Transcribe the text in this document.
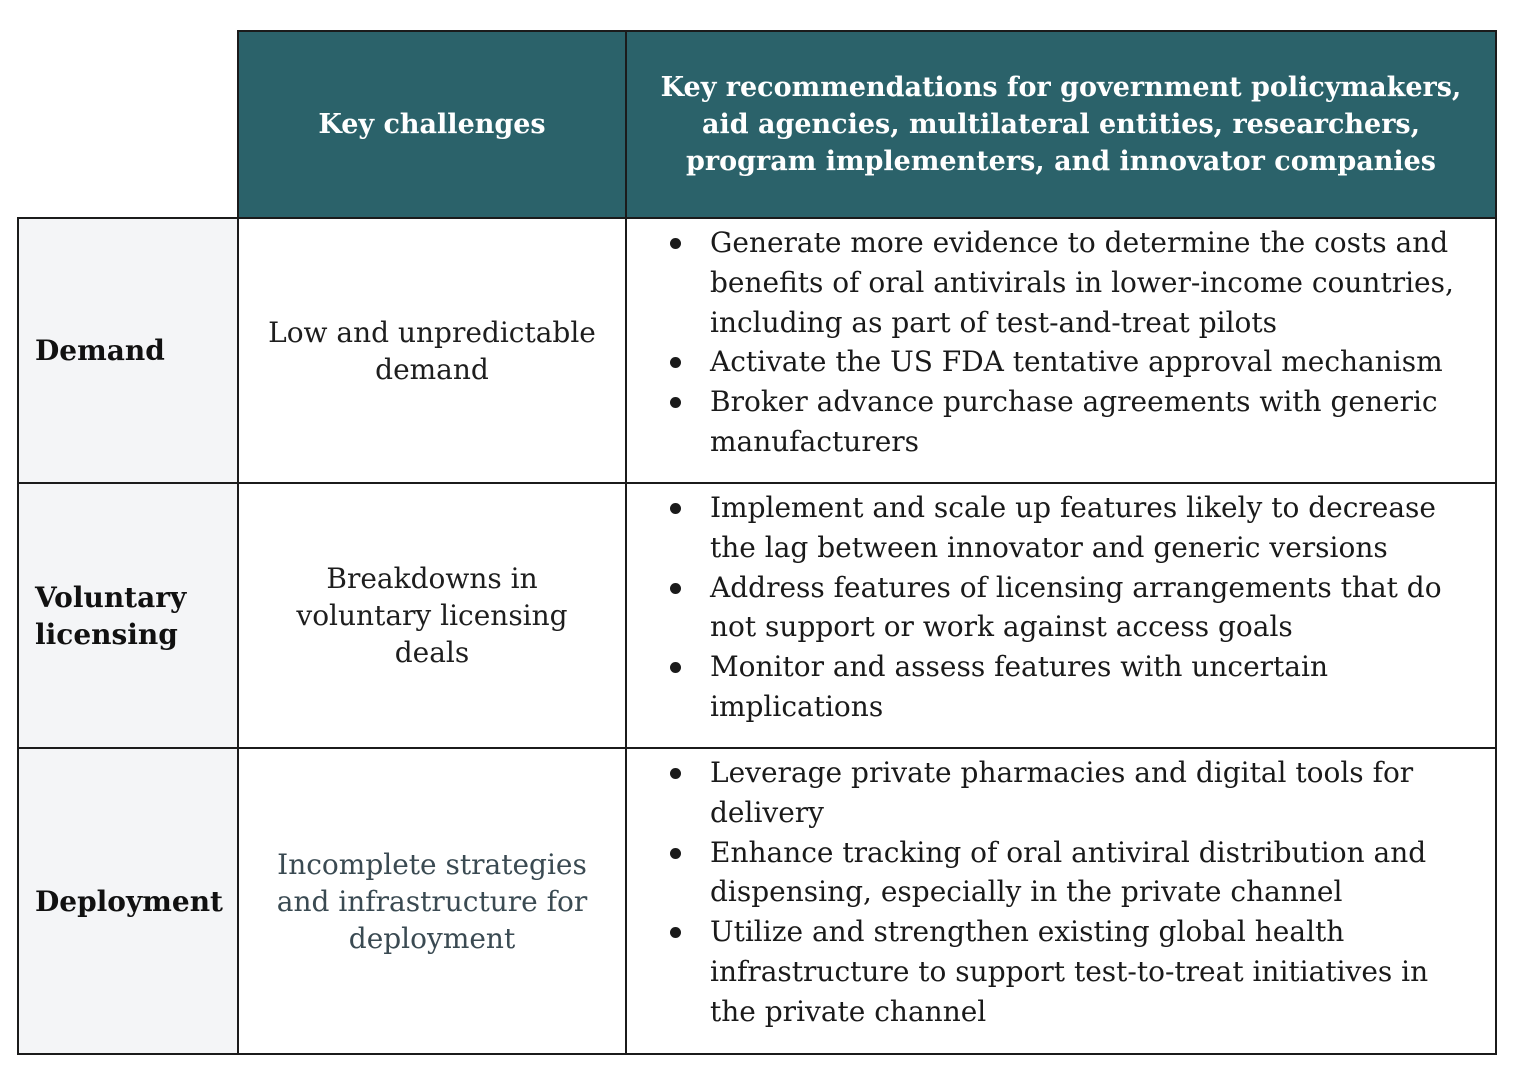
Key challenges
Key recommendations for government policymakers, aid agencies, multilateral entities, researchers, program implementers, and innovator companies
Demand
Low and unpredictable demand
Generate more evidence to determine the costs and benefits of oral antivirals in lower-income countries, including as part of test-and-treat pilots
Activate the US FDA tentative approval mechanism
Broker advance purchase agreements with generic manufacturers
Voluntary licensing
Breakdowns in voluntary licensing deals
Implement and scale up features likely to decrease the lag between innovator and generic versions
Address features of licensing arrangements that do not support or work against access goals
Monitor and assess features with uncertain implications
Deployment
Incomplete strategies and infrastructure for deployment
Leverage private pharmacies and digital tools for delivery
Enhance tracking of oral antiviral distribution and dispensing, especially in the private channel
Utilize and strengthen existing global health infrastructure to support test-to-treat initiatives in the private channel
